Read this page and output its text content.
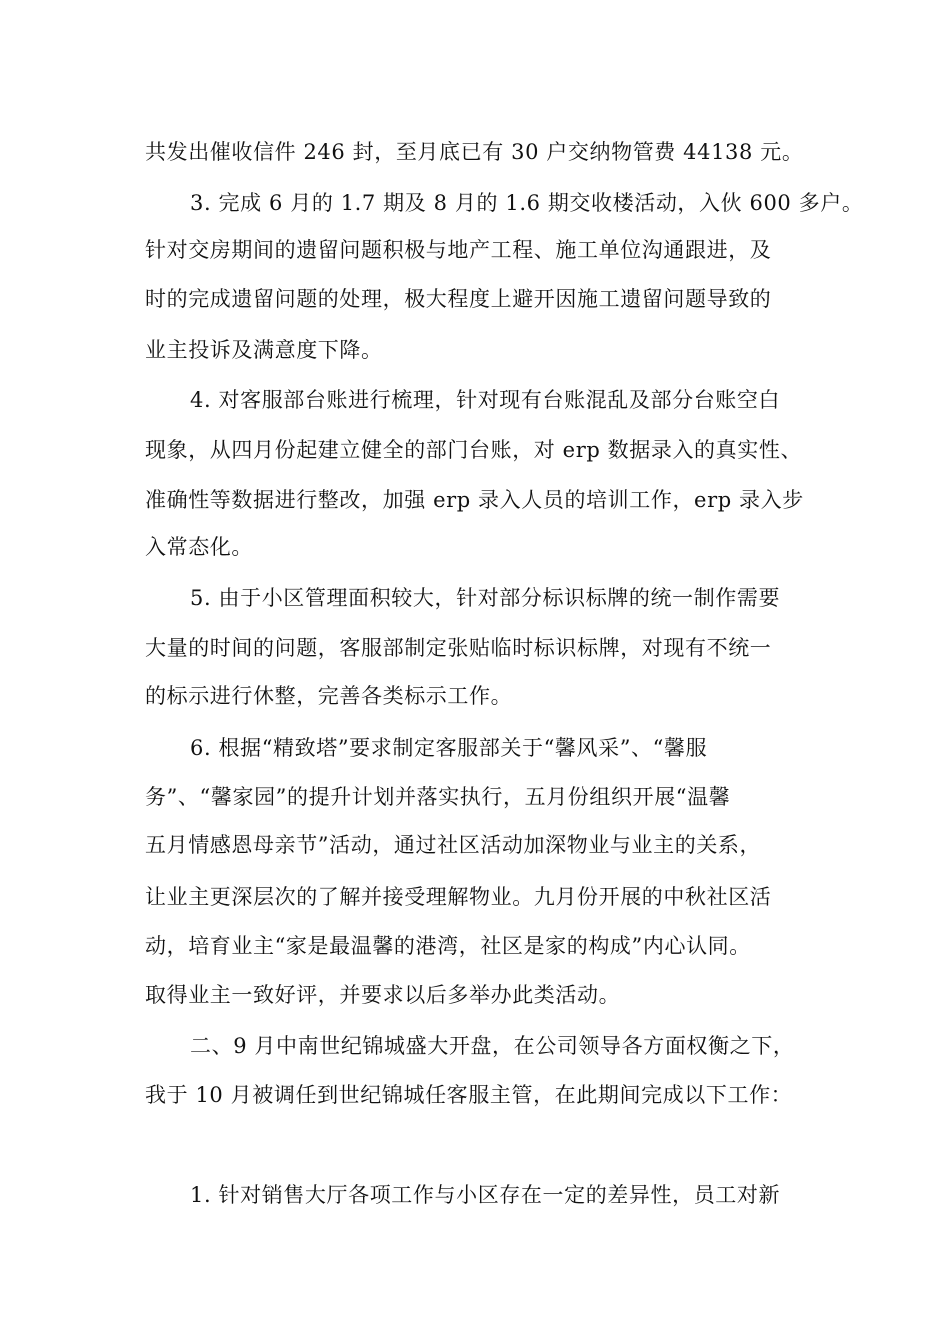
共发出催收信件 246 封，至月底已有 30 户交纳物管费 44138 元。
3. 完成 6 月的 1.7 期及 8 月的 1.6 期交收楼活动，入伙 600 多户。
针对交房期间的遗留问题积极与地产工程、施工单位沟通跟进，及
时的完成遗留问题的处理，极大程度上避开因施工遗留问题导致的
业主投诉及满意度下降。
4. 对客服部台账进行梳理，针对现有台账混乱及部分台账空白
现象，从四月份起建立健全的部门台账，对 erp 数据录入的真实性、
准确性等数据进行整改，加强 erp 录入人员的培训工作，erp 录入步
入常态化。
5. 由于小区管理面积较大，针对部分标识标牌的统一制作需要
大量的时间的问题，客服部制定张贴临时标识标牌，对现有不统一
的标示进行休整，完善各类标示工作。
6. 根据“精致塔”要求制定客服部关于“馨风采”、“馨服
务”、“馨家园”的提升计划并落实执行，五月份组织开展“温馨
五月情感恩母亲节”活动，通过社区活动加深物业与业主的关系，
让业主更深层次的了解并接受理解物业。九月份开展的中秋社区活
动，培育业主“家是最温馨的港湾，社区是家的构成”内心认同。
取得业主一致好评，并要求以后多举办此类活动。
二、9 月中南世纪锦城盛大开盘，在公司领导各方面权衡之下，
我于 10 月被调任到世纪锦城任客服主管，在此期间完成以下工作：
1. 针对销售大厅各项工作与小区存在一定的差异性，员工对新
